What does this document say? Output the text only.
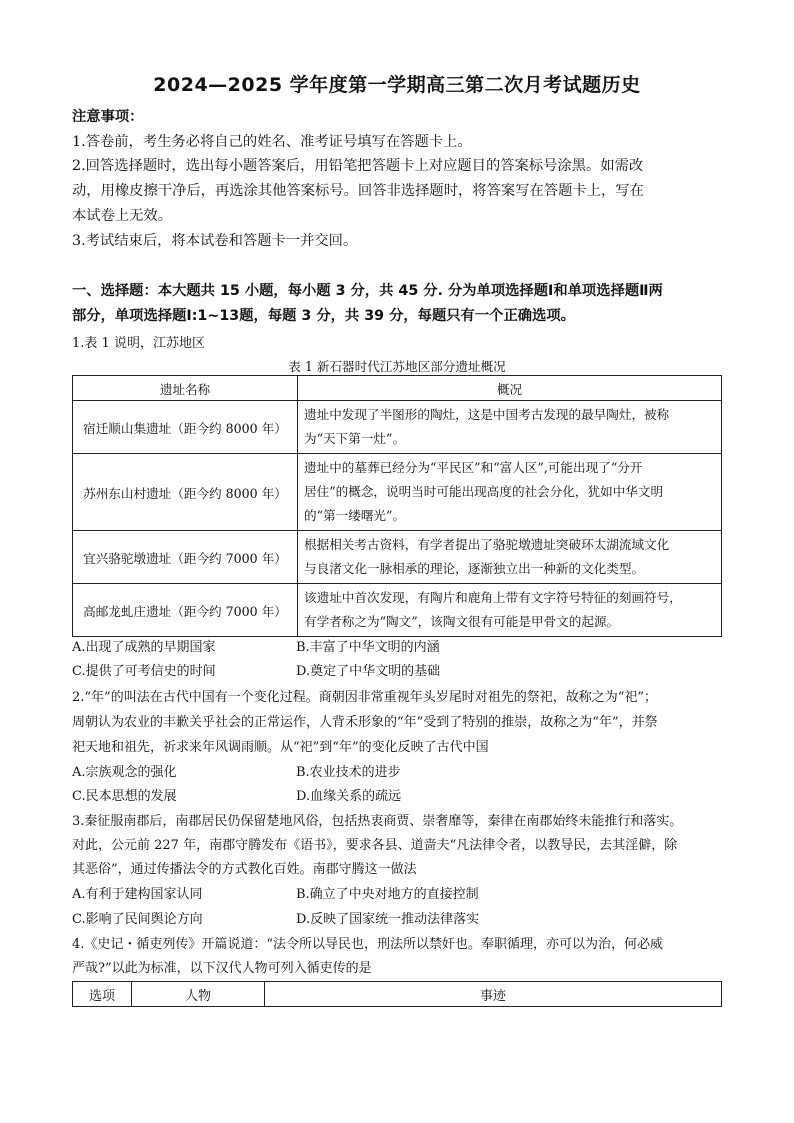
2024—2025 学年度第一学期高三第二次月考试题历史
注意事项：
1.答卷前，考生务必将自己的姓名、准考证号填写在答题卡上。
2.回答选择题时，选出每小题答案后，用铅笔把答题卡上对应题目的答案标号涂黑。如需改
动，用橡皮擦干净后，再选涂其他答案标号。回答非选择题时，将答案写在答题卡上，写在
本试卷上无效。
3.考试结束后，将本试卷和答题卡一并交回。
一、选择题：本大题共 15 小题，每小题 3 分，共 45 分. 分为单项选择题Ⅰ和单项选择题Ⅱ两
部分，单项选择题Ⅰ:1~13题，每题 3 分，共 39 分，每题只有一个正确选项。
1.表 1 说明，江苏地区
表 1 新石器时代江苏地区部分遗址概况
遗址名称	概况
宿迁顺山集遗址（距今约 8000 年）	遗址中发现了半图形的陶灶，这是中国考古发现的最早陶灶，被称
为“天下第一灶”。

苏州东山村遗址（距今约 8000 年）	遗址中的墓葬已经分为“平民区”和“富人区”,可能出现了“分开
居住”的概念，说明当时可能出现高度的社会分化，犹如中华文明
的“第一缕曙光”。

宜兴骆驼墩遗址（距今约 7000 年）	根据相关考古资料，有学者提出了骆驼墩遗址突破环太湖流域文化
与良渚文化一脉相承的理论，逐渐独立出一种新的文化类型。

高邮龙虬庄遗址（距今约 7000 年）	该遗址中首次发现，有陶片和鹿角上带有文字符号特征的刻画符号，
有学者称之为“陶文”，该陶文很有可能是甲骨文的起源。
A.出现了成熟的早期国家	B.丰富了中华文明的内涵
C.提供了可考信史的时间	D.奠定了中华文明的基础
2.“年”的叫法在古代中国有一个变化过程。商朝因非常重视年头岁尾时对祖先的祭祀，故称之为“祀”；
周朝认为农业的丰歉关乎社会的正常运作，人背禾形象的“年”受到了特别的推崇，故称之为“年”，并祭
祀天地和祖先，祈求来年风调雨顺。从“祀”到“年”的变化反映了古代中国
A.宗族观念的强化	B.农业技术的进步
C.民本思想的发展	D.血缘关系的疏远
3.秦征服南郡后，南郡居民仍保留楚地风俗，包括热衷商贾、崇奢靡等，秦律在南郡始终未能推行和落实。
对此，公元前 227 年，南郡守腾发布《语书》，要求各县、道啬夫“凡法律令者，以教导民，去其淫僻，除
其恶俗”，通过传播法令的方式教化百姓。南郡守腾这一做法
A.有利于建构国家认同	B.确立了中央对地方的直接控制
C.影响了民间舆论方向	D.反映了国家统一推动法律落实
4.《史记・循吏列传》开篇说道：“法令所以导民也，刑法所以禁奸也。奉职循理，亦可以为治，何必威
严哉?”以此为标准，以下汉代人物可列入循吏传的是
选项	人物	事迹
